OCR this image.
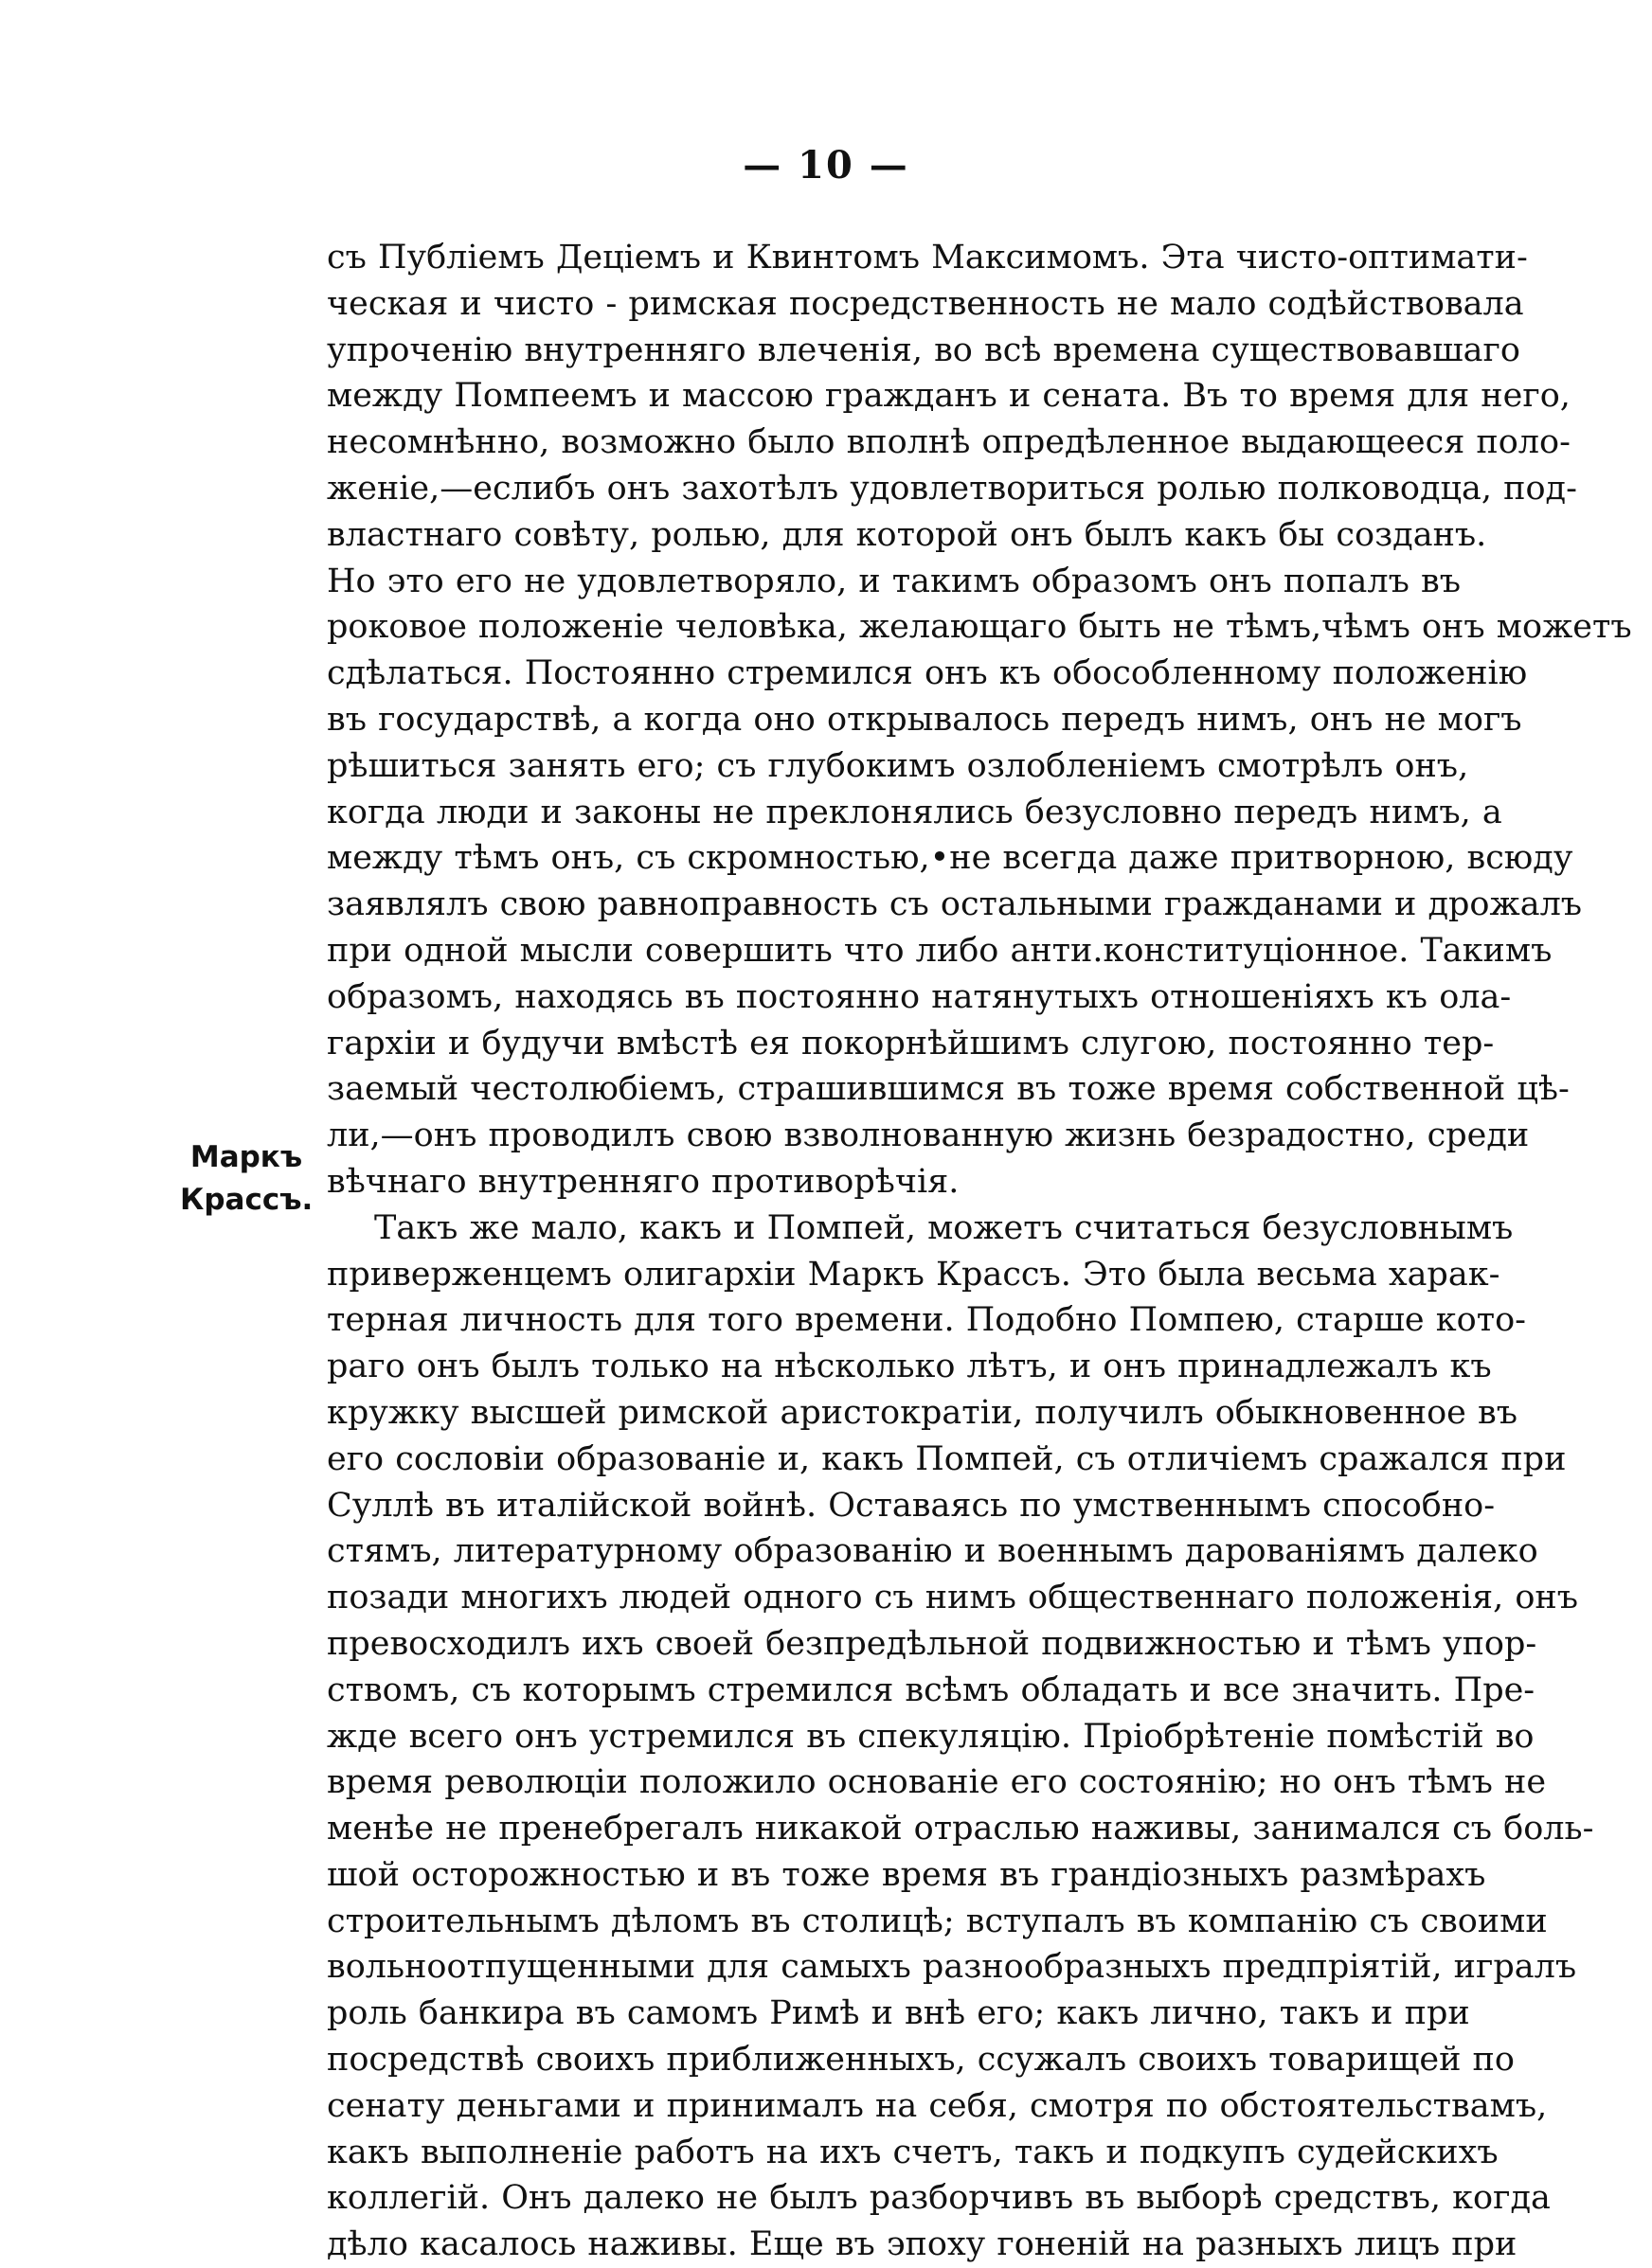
— 10 —
Маркъ
Крассъ.
съ Публiемъ Децiемъ и Квинтомъ Максимомъ. Эта чисто-оптимати-
ческая и чисто - римская посредственность не мало содѣйствовала
упроченiю внутренняго влеченiя, во всѣ времена существовавшаго
между Помпеемъ и массою гражданъ и сената. Въ то время для него,
несомнѣнно, возможно было вполнѣ опредѣленное выдающееся поло-
женiе,—еслибъ онъ захотѣлъ удовлетвориться ролью полководца, под-
властнаго совѣту, ролью, для которой онъ былъ какъ бы созданъ.
Но это его не удовлетворяло, и такимъ образомъ онъ попалъ въ
роковое положенiе человѣка, желающаго быть не тѣмъ,чѣмъ онъ можетъ
сдѣлаться. Постоянно стремился онъ къ обособленному положенiю
въ государствѣ, а когда оно открывалось передъ нимъ, онъ не могъ
рѣшиться занять его; съ глубокимъ озлобленiемъ смотрѣлъ онъ,
когда люди и законы не преклонялись безусловно передъ нимъ, а
между тѣмъ онъ, съ скромностью,•не всегда даже притворною, всюду
заявлялъ свою равноправность съ остальными гражданами и дрожалъ
при одной мысли совершить что либо анти.конституцiонное. Такимъ
образомъ, находясь въ постоянно натянутыхъ отношенiяхъ къ олa-
гархiи и будучи вмѣстѣ ея покорнѣйшимъ слугою, постоянно тер-
заемый честолюбiемъ, страшившимся въ тоже время собственной цѣ-
ли,—онъ проводилъ свою взволнованную жизнь безрадостно, среди
вѣчнаго внутренняго противорѣчiя.
Такъ же мало, какъ и Помпей, можетъ считаться безусловнымъ
приверженцемъ олигархiи Маркъ Крассъ. Это была весьма харак-
терная личность для того времени. Подобно Помпею, старше кото-
раго онъ былъ только на нѣсколько лѣтъ, и онъ принадлежалъ къ
кружку высшей римской аристократiи, получилъ обыкновенное въ
его сословiи образованiе и, какъ Помпей, съ отличiемъ сражался при
Суллѣ въ италiйской войнѣ. Оставаясь по умственнымъ способно-
стямъ, литературному образованiю и военнымъ дарованiямъ далеко
позади многихъ людей одного съ нимъ общественнаго положенiя, онъ
превосходилъ ихъ своей безпредѣльной подвижностью и тѣмъ упор-
ствомъ, съ которымъ стремился всѣмъ обладать и все значить. Пре-
жде всего онъ устремился въ спекуляцiю. Прiобрѣтенiе помѣстiй во
время революцiи положило основанiе его состоянiю; но онъ тѣмъ не
менѣе не пренебрегалъ никакой отраслью наживы, занимался съ боль-
шой осторожностью и въ тоже время въ грандiозныхъ размѣрахъ
строительнымъ дѣломъ въ столицѣ; вступалъ въ компанiю съ своими
вольноотпущенными для самыхъ разнообразныхъ предпрiятiй, игралъ
роль банкира въ самомъ Римѣ и внѣ его; какъ лично, такъ и при
посредствѣ своихъ приближенныхъ, ссужалъ своихъ товарищей по
сенату деньгами и принималъ на себя, смотря по обстоятельствамъ,
какъ выполненiе работъ на ихъ счетъ, такъ и подкупъ судейскихъ
коллегiй. Онъ далеко не былъ разборчивъ въ выборѣ средствъ, когда
дѣло касалось наживы. Еще въ эпоху гоненiй на разныхъ лицъ при
